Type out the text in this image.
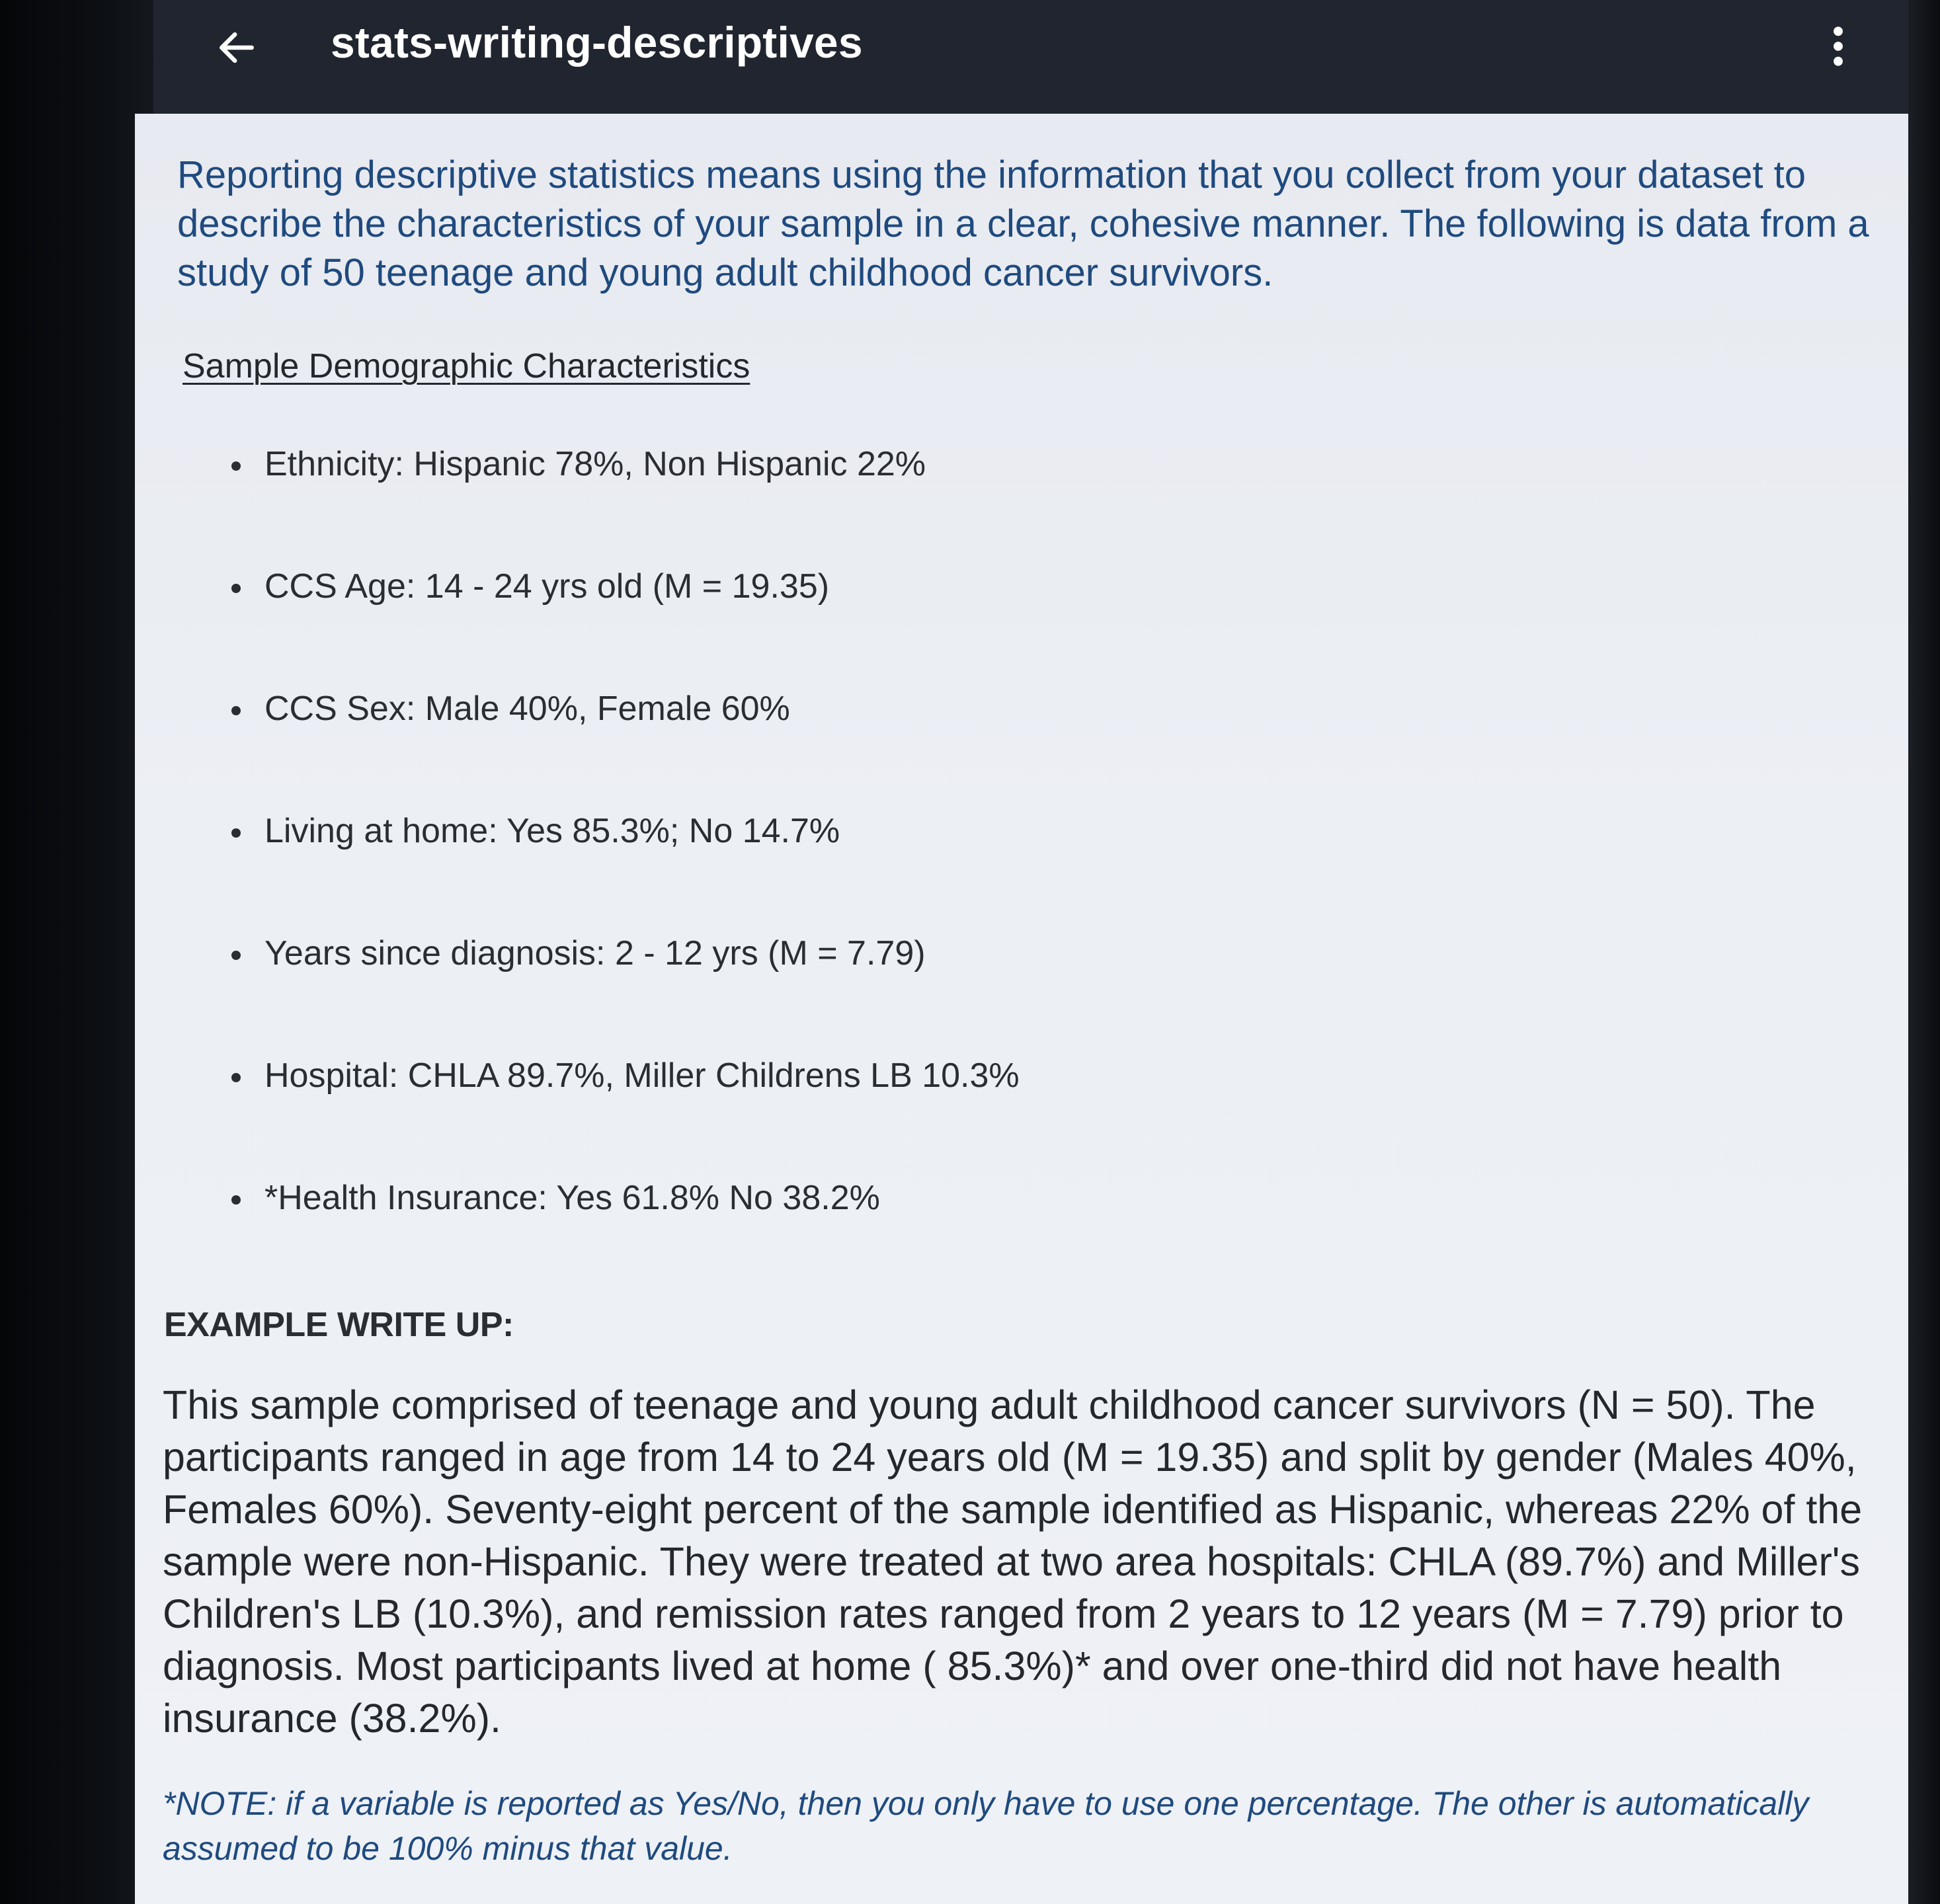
stats-writing-descriptives

Reporting descriptive statistics means using the information that you collect from your dataset to describe the characteristics of your sample in a clear, cohesive manner. The following is data from a study of 50 teenage and young adult childhood cancer survivors.

Sample Demographic Characteristics
Ethnicity: Hispanic 78%, Non Hispanic 22%
CCS Age: 14 - 24 yrs old (M = 19.35)
CCS Sex: Male 40%, Female 60%
Living at home: Yes 85.3%; No 14.7%
Years since diagnosis: 2 - 12 yrs (M = 7.79)
Hospital: CHLA 89.7%, Miller Childrens LB 10.3%
*Health Insurance: Yes 61.8% No 38.2%
EXAMPLE WRITE UP:

This sample comprised of teenage and young adult childhood cancer survivors (N = 50). The participants ranged in age from 14 to 24 years old (M = 19.35) and split by gender (Males 40%, Females 60%). Seventy-eight percent of the sample identified as Hispanic, whereas 22% of the sample were non-Hispanic. They were treated at two area hospitals: CHLA (89.7%) and Miller's Children's LB (10.3%), and remission rates ranged from 2 years to 12 years (M = 7.79) prior to diagnosis. Most participants lived at home ( 85.3%)* and over one-third did not have health insurance (38.2%).

*NOTE: if a variable is reported as Yes/No, then you only have to use one percentage. The other is automatically assumed to be 100% minus that value.
